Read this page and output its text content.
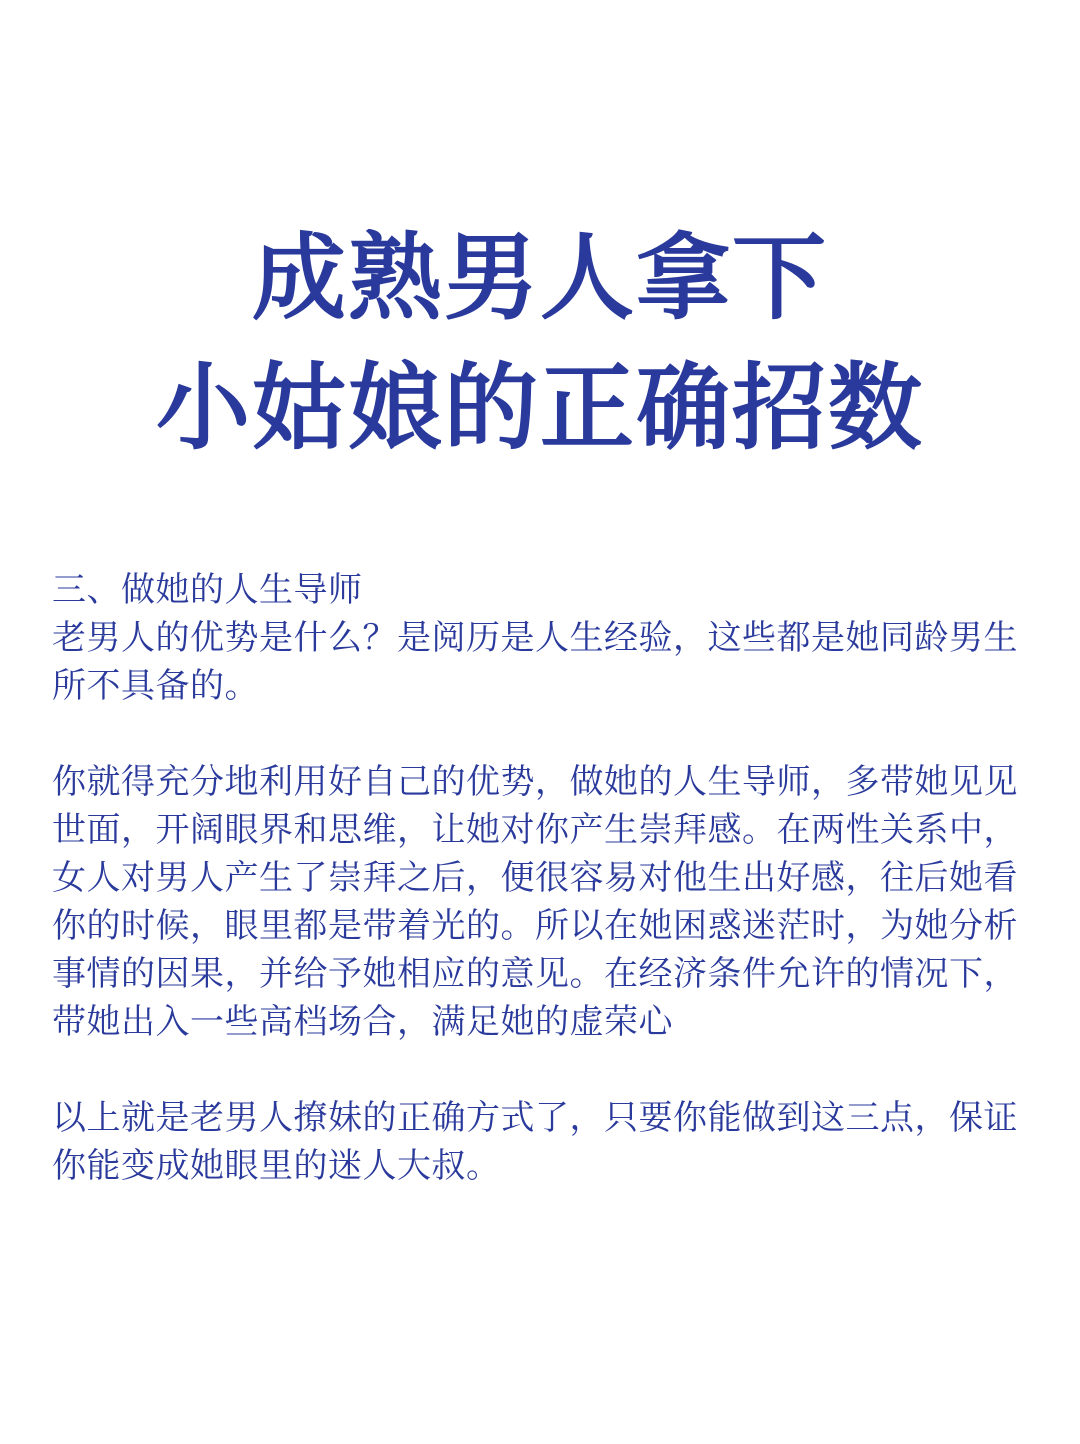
成熟男人拿下
小姑娘的正确招数

三、做她的人生导师

老男人的优势是什么？是阅历是人生经验，这些都是她同龄男生所不具备的。

你就得充分地利用好自己的优势，做她的人生导师，多带她见见世面，开阔眼界和思维，让她对你产生崇拜感。在两性关系中，女人对男人产生了崇拜之后，便很容易对他生出好感，往后她看你的时候，眼里都是带着光的。所以在她困惑迷茫时，为她分析事情的因果，并给予她相应的意见。在经济条件允许的情况下，带她出入一些高档场合，满足她的虚荣心

以上就是老男人撩妹的正确方式了，只要你能做到这三点，保证你能变成她眼里的迷人大叔。
